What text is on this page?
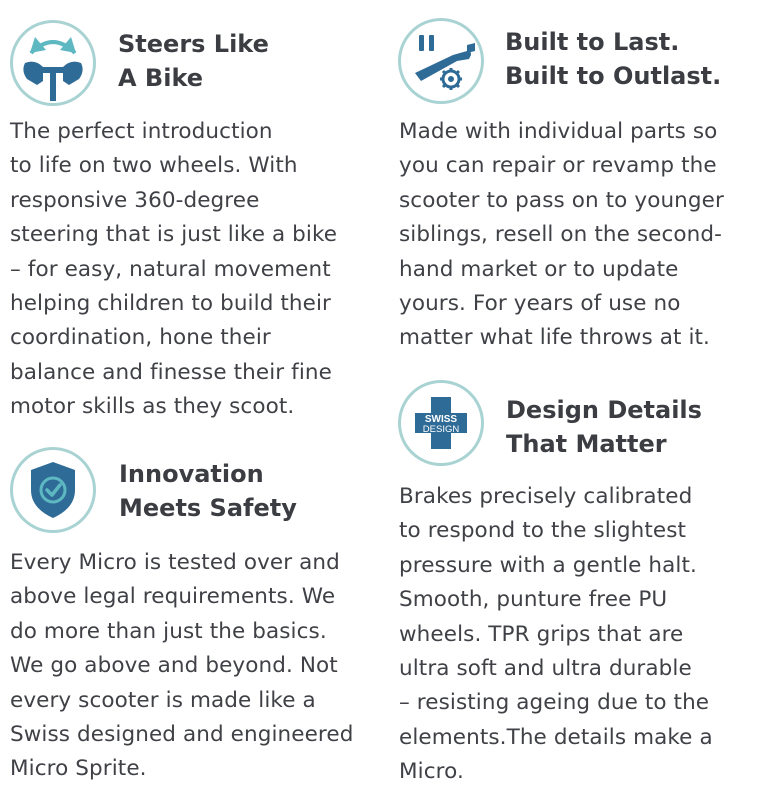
Steers Like
A Bike

The perfect introduction
to life on two wheels. With
responsive 360-degree
steering that is just like a bike
– for easy, natural movement
helping children to build their
coordination, hone their
balance and finesse their fine
motor skills as they scoot.

Built to Last.
Built to Outlast.

Made with individual parts so
you can repair or revamp the
scooter to pass on to younger
siblings, resell on the second-
hand market or to update
yours. For years of use no
matter what life throws at it.

Innovation
Meets Safety

Every Micro is tested over and
above legal requirements. We
do more than just the basics.
We go above and beyond. Not
every scooter is made like a
Swiss designed and engineered
Micro Sprite.

SWISS
DESIGN
Design Details
That Matter

Brakes precisely calibrated
to respond to the slightest
pressure with a gentle halt.
Smooth, punture free PU
wheels. TPR grips that are
ultra soft and ultra durable
– resisting ageing due to the
elements.The details make a
Micro.
